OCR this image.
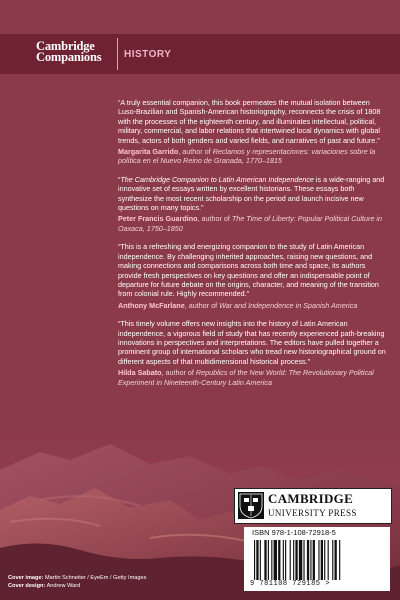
Cambridge
Companions HISTORY

“A truly essential companion, this book permeates the mutual isolation between Luso-Brazilian and Spanish-American historiography, reconnects the crisis of 1808 with the processes of the eighteenth century, and illuminates intellectual, political, military, commercial, and labor relations that intertwined local dynamics with global trends, actors of both genders and varied fields, and narratives of past and future.”

Margarita Garrido, author of Reclamos y representaciones: variaciones sobre la política en el Nuevo Reino de Granada, 1770–1815

“The Cambridge Companion to Latin American Independence is a wide-ranging and innovative set of essays written by excellent historians. These essays both synthesize the most recent scholarship on the period and launch incisive new questions on many topics.”

Peter Francis Guardino, author of The Time of Liberty: Popular Political Culture in Oaxaca, 1750–1850

“This is a refreshing and energizing companion to the study of Latin American independence. By challenging inherited approaches, raising new questions, and making connections and comparisons across both time and space, its authors provide fresh perspectives on key questions and offer an indispensable point of departure for future debate on the origins, character, and meaning of the transition from colonial rule. Highly recommended.”

Anthony McFarlane, author of War and Independence in Spanish America

“This timely volume offers new insights into the history of Latin American independence, a vigorous field of study that has recently experienced path-breaking innovations in perspectives and interpretations. The editors have pulled together a prominent group of international scholars who tread new historiographical ground on different aspects of that multidimensional historical process.”

Hilda Sabato, author of Republics of the New World: The Revolutionary Political Experiment in Nineteenth-Century Latin America

CAMBRIDGE
UNIVERSITY PRESS
ISBN 978-1-108-72918-5
9 781108 729185 >
Cover image: Martin Schneiter / EyeEm / Getty Images
Cover design: Andrew Ward
